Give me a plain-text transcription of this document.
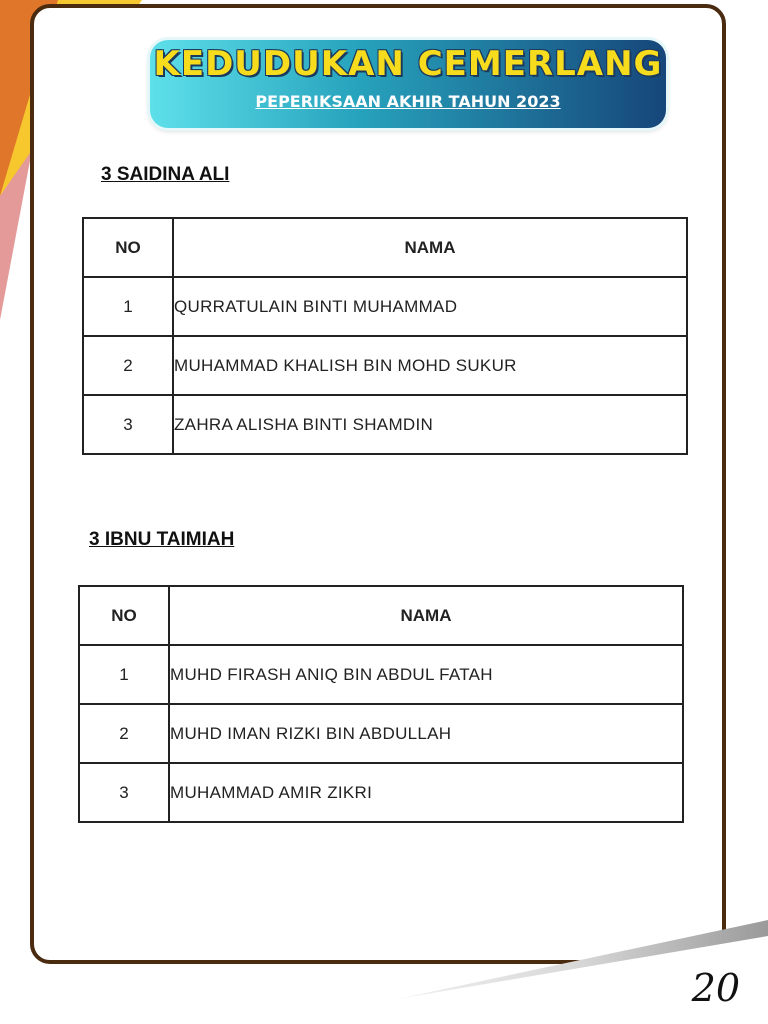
KEDUDUKAN CEMERLANG
PEPERIKSAAN AKHIR TAHUN 2023
3 SAIDINA ALI
NO	NAMA
1	QURRATULAIN BINTI MUHAMMAD
2	MUHAMMAD KHALISH BIN MOHD SUKUR
3	ZAHRA ALISHA BINTI SHAMDIN
3 IBNU TAIMIAH
NO	NAMA
1	MUHD FIRASH ANIQ BIN ABDUL FATAH
2	MUHD IMAN RIZKI BIN ABDULLAH
3	MUHAMMAD AMIR ZIKRI
20
